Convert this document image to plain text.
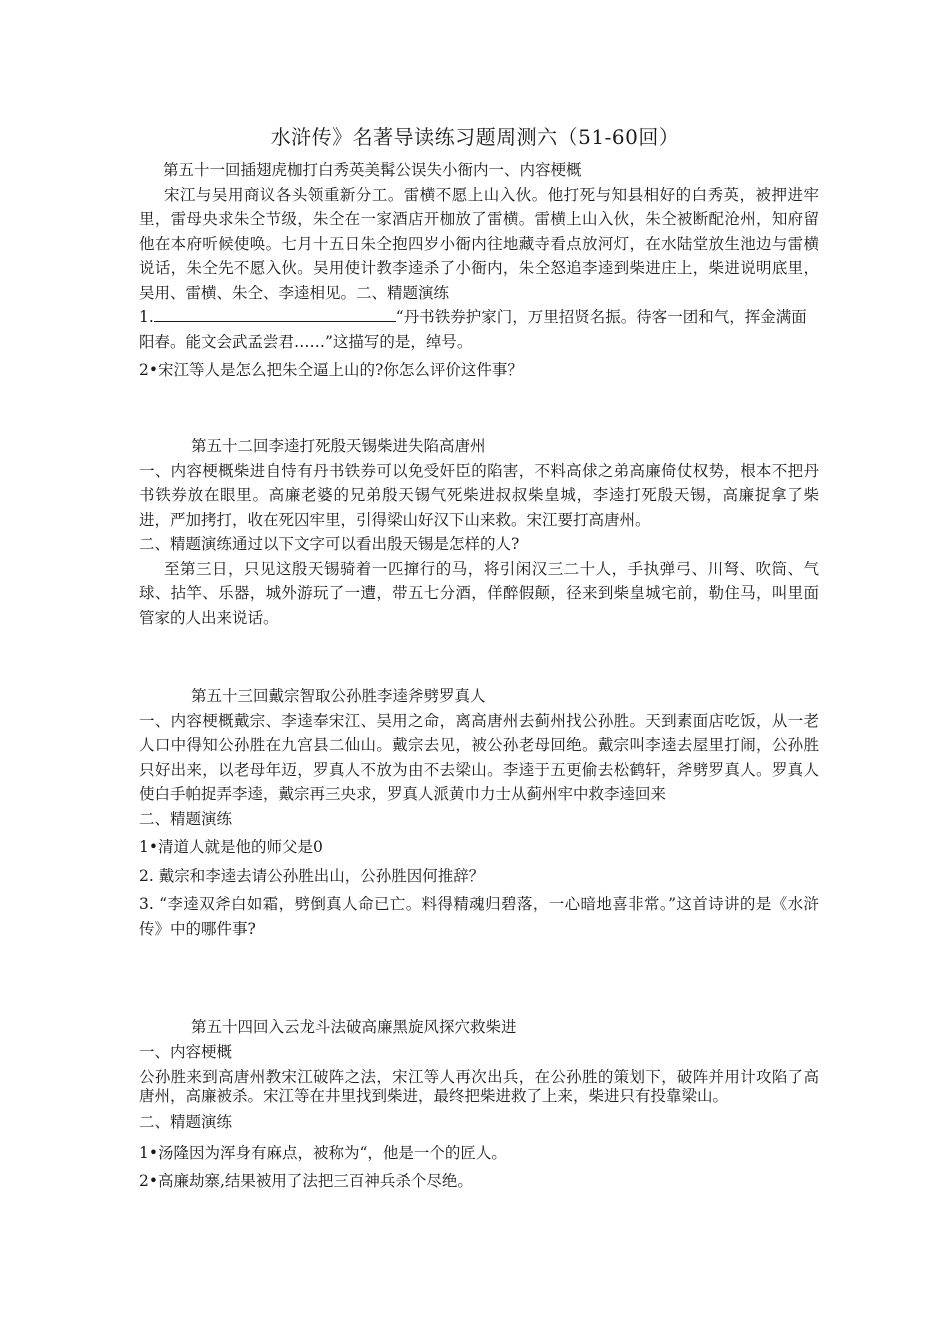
水浒传》名著导读练习题周测六（51-60回）
第五十一回插翅虎枷打白秀英美髯公误失小衙内一、内容梗概
宋江与吴用商议各头领重新分工。雷横不愿上山入伙。他打死与知县相好的白秀英，被押进牢里，雷母央求朱仝节级，朱仝在一家酒店开枷放了雷横。雷横上山入伙，朱仝被断配沧州，知府留他在本府听候使唤。七月十五日朱仝抱四岁小衙内往地藏寺看点放河灯，在水陆堂放生池边与雷横说话，朱仝先不愿入伙。吴用使计教李逵杀了小衙内，朱仝怒追李逵到柴进庄上，柴进说明底里，吴用、雷横、朱仝、李逵相见。二、精题演练
1.	“丹书铁券护家门，万里招贤名振。待客一团和气，挥金满面阳春。能文会武孟尝君……”这描写的是，绰号。
2•宋江等人是怎么把朱仝逼上山的?你怎么评价这件事？
第五十二回李逵打死殷天锡柴进失陷高唐州
一、内容梗概柴进自恃有丹书铁券可以免受奸臣的陷害，不料高俅之弟高廉倚仗权势，根本不把丹书铁券放在眼里。高廉老婆的兄弟殷天锡气死柴进叔叔柴皇城，李逵打死殷天锡，高廉捉拿了柴进，严加拷打，收在死囚牢里，引得梁山好汉下山来救。宋江要打高唐州。
二、精题演练通过以下文字可以看出殷天锡是怎样的人?
至第三日，只见这殷天锡骑着一匹撺行的马，将引闲汉三二十人，手执弹弓、川弩、吹筒、气球、拈竿、乐器，城外游玩了一遭，带五七分酒，佯醉假颠，径来到柴皇城宅前，勒住马，叫里面管家的人出来说话。
第五十三回戴宗智取公孙胜李逵斧劈罗真人
一、内容梗概戴宗、李逵奉宋江、吴用之命，离高唐州去蓟州找公孙胜。天到素面店吃饭，从一老人口中得知公孙胜在九宫县二仙山。戴宗去见，被公孙老母回绝。戴宗叫李逵去屋里打闹，公孙胜只好出来，以老母年迈，罗真人不放为由不去梁山。李逵于五更偷去松鹤轩，斧劈罗真人。罗真人使白手帕捉弄李逵，戴宗再三央求，罗真人派黄巾力士从蓟州牢中救李逵回来
二、精题演练
1•清道人就是他的师父是0
2. 戴宗和李逵去请公孙胜出山，公孙胜因何推辞？
3. “李逵双斧白如霜，劈倒真人命已亡。料得精魂归碧落，一心暗地喜非常。”这首诗讲的是《水浒传》中的哪件事?
第五十四回入云龙斗法破高廉黑旋风探穴救柴进
一、内容梗概
公孙胜来到高唐州教宋江破阵之法，宋江等人再次出兵，在公孙胜的策划下，破阵并用计攻陷了高唐州，高廉被杀。宋江等在井里找到柴进，最终把柴进救了上来，柴进只有投靠梁山。
二、精题演练
1•汤隆因为浑身有麻点，被称为“，他是一个的匠人。
2•高廉劫寨,结果被用了法把三百神兵杀个尽绝。
